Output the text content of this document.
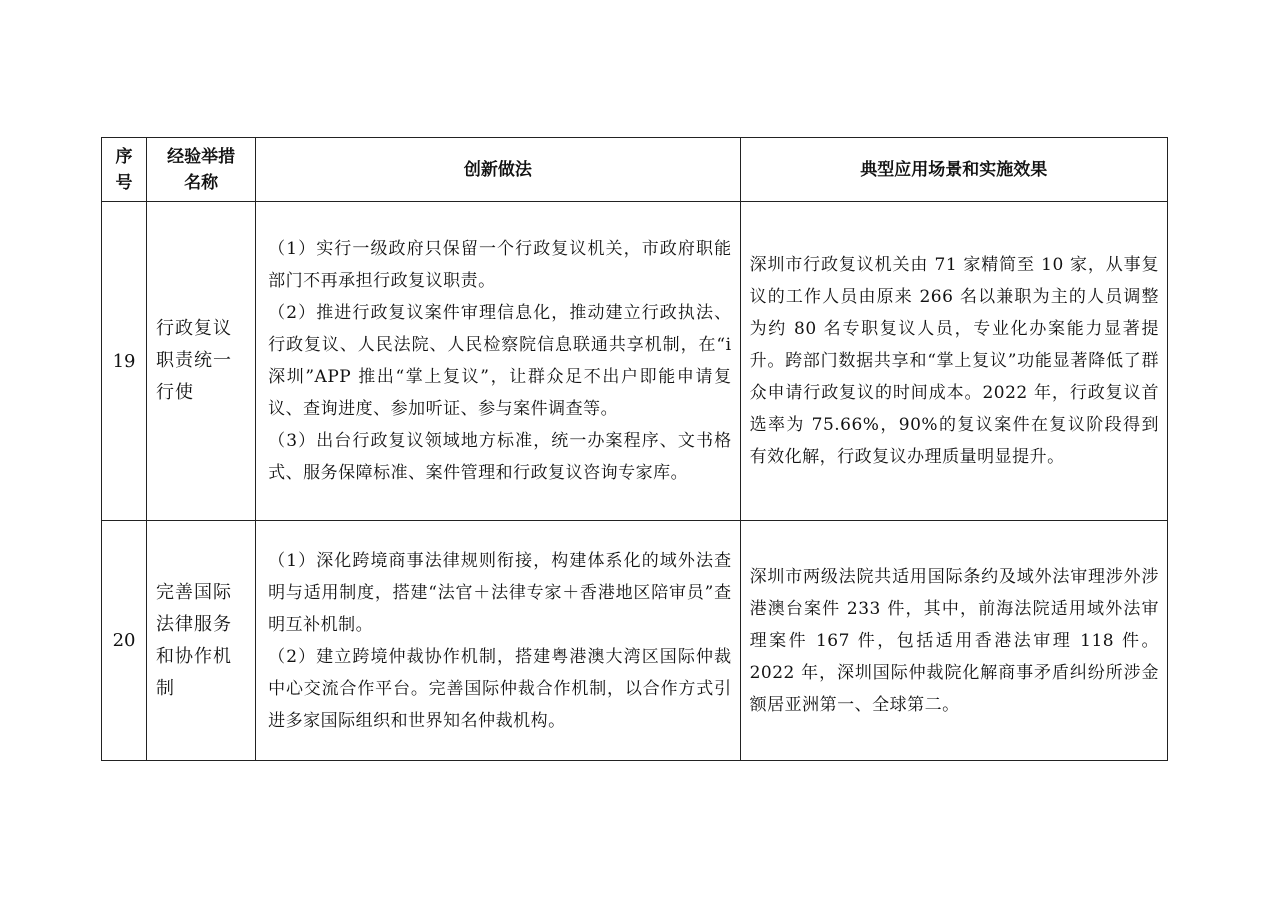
序号	经验举措名称	创新做法	典型应用场景和实施效果
19	行政复议职责统一行使	（1）实行一级政府只保留一个行政复议机关，市政府职能部门不再承担行政复议职责。
（2）推进行政复议案件审理信息化，推动建立行政执法、行政复议、人民法院、人民检察院信息联通共享机制，在“i 深圳”APP 推出“掌上复议”，让群众足不出户即能申请复议、查询进度、参加听证、参与案件调查等。
（3）出台行政复议领域地方标准，统一办案程序、文书格式、服务保障标准、案件管理和行政复议咨询专家库。	深圳市行政复议机关由 71 家精简至 10 家，从事复议的工作人员由原来 266 名以兼职为主的人员调整为约 80 名专职复议人员，专业化办案能力显著提升。跨部门数据共享和“掌上复议”功能显著降低了群众申请行政复议的时间成本。2022 年，行政复议首选率为 75.66%，90%的复议案件在复议阶段得到有效化解，行政复议办理质量明显提升。
20	完善国际法律服务和协作机制	（1）深化跨境商事法律规则衔接，构建体系化的域外法查明与适用制度，搭建“法官＋法律专家＋香港地区陪审员”查明互补机制。
（2）建立跨境仲裁协作机制，搭建粤港澳大湾区国际仲裁中心交流合作平台。完善国际仲裁合作机制，以合作方式引进多家国际组织和世界知名仲裁机构。	深圳市两级法院共适用国际条约及域外法审理涉外涉港澳台案件 233 件，其中，前海法院适用域外法审理案件 167 件，包括适用香港法审理 118 件。2022 年，深圳国际仲裁院化解商事矛盾纠纷所涉金额居亚洲第一、全球第二。
